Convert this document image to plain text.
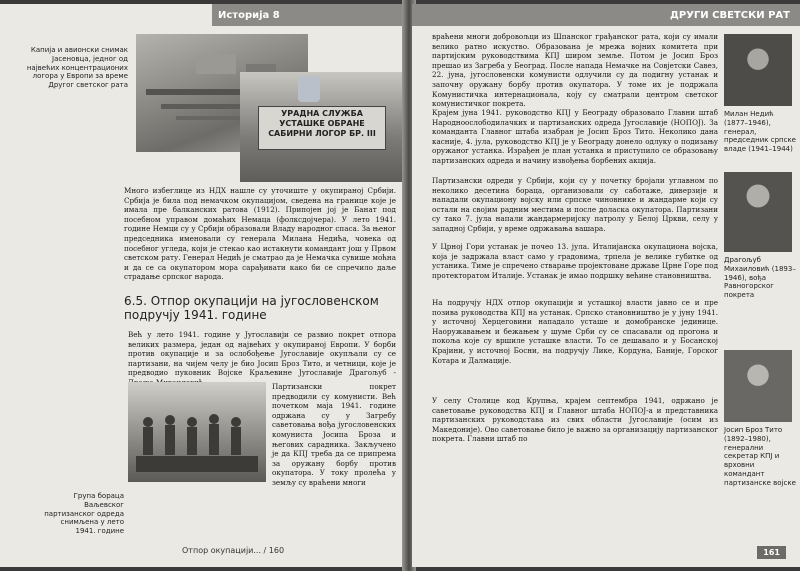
Историја 8
Капија и авионски снимак Јасеновца, једног од највећих концентрационих логора у Европи за време Другог светског рата
УРАДНА СЛУЖБА УСТАШКЕ ОБРАНЕ САБИРНИ ЛОГОР БР. III
Много избеглице из НДХ нашле су уточиште у окупираној Србији. Србија је била под немачком окупацијом, сведена на границе које је имала пре балканских ратова (1912). Припојен јој је Банат под посебном управом домаћих Немаца (фолксдојчера). У лето 1941. године Немци су у Србији образовали Владу народног спаса. За њеног председника именовали су генерала Милана Недића, човека од посебног угледа, који је стекао као истакнути командант још у Првом светском рату. Генерал Недић је сматрао да је Немачка сувише моћна и да се са окупатором мора сарађивати како би се спречило даље страдање српског народа.
6.5. Отпор окупацији на југословенском подручју 1941. године
Већ у лето 1941. године у Југославији се развио покрет отпора великих размера, један од највећих у окупираној Европи. У борби против окупације и за ослобођење Југославије окупљали су се партизани, на чијем челу је био Јосип Броз Тито, и четници, које је предводио пуковник Војске Краљевине Југославије Драгољуб -
Партизански покрет предводили су комунисти. Већ почетком маја 1941. године одржана су у Загребу саветовања вођа југословенских комуниста Јосипа Броза и његових сарадника. Закључено је да КПЈ треба да се припрема за оружану борбу против окупатора. У току пролећа у земљу су враћени многи
Група бораца Ваљевског партизанског одреда снимљена у лето 1941. године
Отпор окупацији... / 160
ДРУГИ СВЕТСКИ РАТ
враћени многи добровољци из Шпанског грађанског рата, који су имали велико ратно искуство. Образована је мрежа војних комитета при партијским руководствима КПЈ широм земље. Потом је Јосип Броз прешао из Загреба у Београд. После напада Немачке на Совјетски Савез, 22. јуна, југословенски комунисти одлучили су да подигну устанак и започну оружану борбу против окупатора. У томе их је подржала Комунистичка интернационала, коју су сматрали центром светског комунистичког покрета.
Крајем јуна 1941. руководство КПЈ у Београду образовало Главни штаб Народноослободилачких и партизанских одреда Југославије (НОПОЈ). За команданта Главног штаба изабран је Јосип Броз Тито. Неколико дана касније, 4. јула, руководство КПЈ је у Београду донело одлуку о подизању оружаног устанка. Израђен је план устанка и приступило се образовању партизанских одреда и начину извођења борбених акција.
Партизански одреди у Србији, који су у почетку бројали углавном по неколико десетина бораца, организовали су саботаже, диверзије и нападали окупациону војску или српске чиновнике и жандарме који су остали на својим радним местима и после доласка окупатора. Партизани су тако 7. јула напали жандармеријску патролу у Белој Цркви, селу у западној Србији, у време одржавања вашара.
У Црној Гори устанак је почео 13. јула. Италијанска окупациона војска, која је задржала власт само у градовима, трпела је велике губитке од устаника. Тиме је спречено стварање пројектоване државе Црне Горе под протекторатом Италије. Устанак је имао подршку већине становништва.
На подручју НДХ отпор окупацији и усташкој власти јавно се и пре позива руководства КПЈ на устанак. Српско становништво је у јуну 1941. у источној Херцеговини нападало усташе и домобранске јединице. Наоружавањем и бежањем у шуме Срби су се спасавали од прогона и покоља које су вршиле усташке власти. То се дешавало и у Босанској Крајини, у источној Босни, на подручју Лике, Кордуна, Баније, Горског Котара и Далмације.
У селу Столице код Крупња, крајем септембра 1941, одржано је саветовање руководства КПЈ и Главног штаба НОПОЈ-а и представника партизанских руководстава из свих области Југославије (осим из Македоније). Ово саветовање било је важно за организацију партизанског покрета. Главни штаб по
Милан Недић (1877–1946), генерал, председник српске владе (1941–1944)
Драгољуб Михаиловић (1893–1946), вођа Равногорског покрета
Јосип Броз Тито (1892–1980), генерални секретар КПЈ и врховни командант партизанске војске
161
